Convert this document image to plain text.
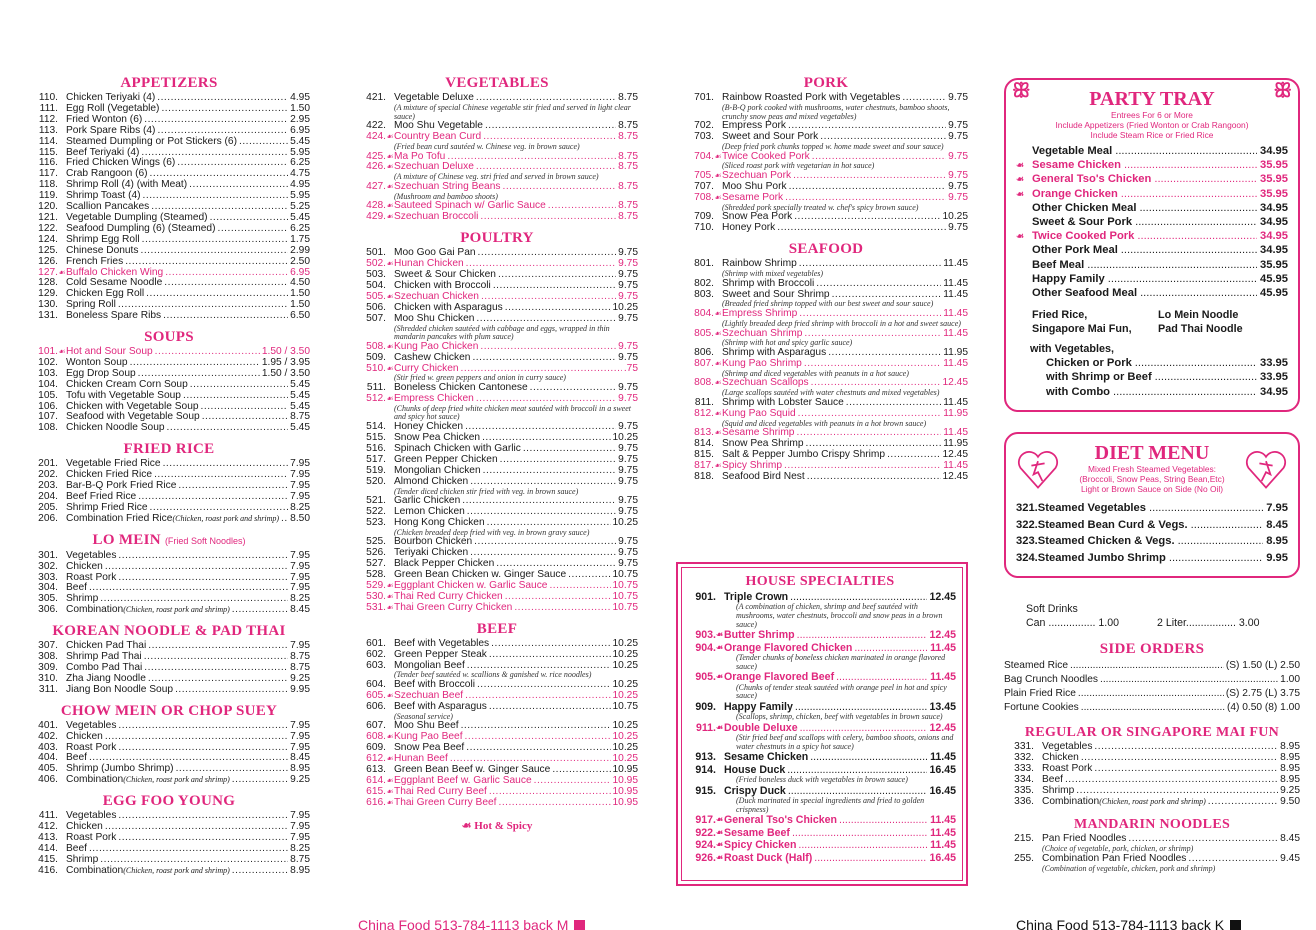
APPETIZERS
110. Chicken Teriyaki (4) .....	4.95
111. Egg Roll (Vegetable) .....	1.50
112. Fried Wonton (6) .....	2.95
113. Pork Spare Ribs (4) .....	6.95
114. Steamed Dumpling or Pot Stickers (6) .....	5.45
115. Beef Teriyaki (4) .....	5.95
116. Fried Chicken Wings (6) .....	6.25
117. Crab Rangoon (6) .....	4.75
118. Shrimp Roll (4) (with Meat) .....	4.95
119. Shrimp Toast (4) .....	5.95
120. Scallion Pancakes .....	5.25
121. Vegetable Dumpling (Steamed) .....	5.45
122. Seafood Dumpling (6) (Steamed) .....	6.25
124. Shrimp Egg Roll .....	1.75
125. Chinese Donuts .....	2.99
126. French Fries .....	2.50
127. ☙ Buffalo Chicken Wing .....	6.95
128. Cold Sesame Noodle .....	4.50
129. Chicken Egg Roll .....	1.50
130. Spring Roll .....	1.50
131. Boneless Spare Ribs .....	6.50
SOUPS
101. ☙ Hot and Sour Soup .....	1.50 / 3.50
102. Wonton Soup .....	1.95 / 3.95
103. Egg Drop Soup .....	1.50 / 3.50
104. Chicken Cream Corn Soup .....	5.45
105. Tofu with Vegetable Soup .....	5.45
106. Chicken with Vegetable Soup .....	5.45
107. Seafood with Vegetable Soup .....	8.75
108. Chicken Noodle Soup .....	5.45
FRIED RICE
201. Vegetable Fried Rice .....	7.95
202. Chicken Fried Rice .....	7.95
203. Bar-B-Q Pork Fried Rice .....	7.95
204. Beef Fried Rice .....	7.95
205. Shrimp Fried Rice .....	8.25
206. Combination Fried Rice (Chicken, roast pork and shrimp) ..... 8.50
LO MEIN (Fried Soft Noodles)
301. Vegetables .....	7.95
302. Chicken .....	7.95
303. Roast Pork .....	7.95
304. Beef .....	7.95
305. Shrimp .....	8.25
306. Combination (Chicken, roast pork and shrimp) .....	8.45
KOREAN NOODLE & PAD THAI
307. Chicken Pad Thai .....	7.95
308. Shrimp Pad Thai .....	8.75
309. Combo Pad Thai .....	8.75
310. Zha Jiang Noodle .....	9.25
311. Jiang Bon Noodle Soup .....	9.95
CHOW MEIN OR CHOP SUEY
401. Vegetables .....	7.95
402. Chicken .....	7.95
403. Roast Pork .....	7.95
404. Beef .....	8.45
405. Shrimp (Jumbo Shrimp) .....	8.95
406. Combination (Chicken, roast pork and shrimp) .....	9.25
EGG FOO YOUNG
411. Vegetables .....	7.95
412. Chicken .....	7.95
413. Roast Pork .....	7.95
414. Beef .....	8.25
415. Shrimp .....	8.75
416. Combination (Chicken, roast pork and shrimp) .....	8.95
VEGETABLES
421. Vegetable Deluxe .....	8.75
(A mixture of special Chinese vegetable stir fried and served in light clear sauce)
422. Moo Shu Vegetable .....	8.75
424. ☙ Country Bean Curd .....	8.75
(Fried bean curd sautéed w. Chinese veg. in brown sauce)
425. ☙ Ma Po Tofu .....	8.75
426. ☙ Szechuan Deluxe .....	8.75
(A mixture of Chinese veg. stri fried and served in brown sauce)
427. ☙ Szechuan String Beans .....	8.75
(Mushroom and bamboo shoots)
428. ☙ Sauteed Spinach w/ Garlic Sauce .....	8.75
429. ☙ Szechuan Broccoli .....	8.75
POULTRY
501. Moo Goo Gai Pan .....	9.75
502. ☙ Hunan Chicken .....	9.75
503. Sweet & Sour Chicken .....	9.75
504. Chicken with Broccoli .....	9.75
505. ☙ Szechuan Chicken .....	9.75
506. Chicken with Asparagus .....	10.25
507. Moo Shu Chicken .....	9.75
(Shredded chicken sautéed with cabbage and eggs, wrapped in thin mandarin pancakes with plum sauce)
508. ☙ Kung Pao Chicken .....	9.75
509. Cashew Chicken .....	9.75
510. ☙ Curry Chicken .....	.75
(Stir fried w. green peppers and onion in curry sauce)
511. Boneless Chicken Cantonese .....	9.75
512. ☙ Empress Chicken .....	9.75
(Chunks of deep fried white chicken meat sautéed with broccoli in a sweet and spicy hot sauce)
514. Honey Chicken .....	9.75
515. Snow Pea Chicken .....	10.25
516. Spinach Chicken with Garlic .....	9.75
517. Green Pepper Chicken .....	9.75
519. Mongolian Chicken .....	9.75
520. Almond Chicken .....	9.75
(Tender diced chicken stir fried with veg. in brown sauce)
521. Garlic Chicken .....	9.75
522. Lemon Chicken .....	9.75
523. Hong Kong Chicken .....	10.25
(Chicken breaded deep fried with veg. in brown gravy sauce)
525. Bourbon Chicken .....	9.75
526. Teriyaki Chicken .....	9.75
527. Black Pepper Chicken .....	9.75
528. Green Bean Chicken w. Ginger Sauce .....	10.75
529. ☙ Eggplant Chicken w. Garlic Sauce .....	10.75
530. ☙ Thai Red Curry Chicken .....	10.75
531. ☙ Thai Green Curry Chicken .....	10.75
BEEF
601. Beef with Vegetables .....	10.25
602. Green Pepper Steak .....	10.25
603. Mongolian Beef .....	10.25
(Tender beef sautéed w. scallions & ganished w. rice noodles)
604. Beef with Broccoli .....	10.25
605. ☙ Szechuan Beef .....	10.25
606. Beef with Asparagus .....	10.75
(Seasonal service)
607. Moo Shu Beef .....	10.25
608. ☙ Kung Pao Beef .....	10.25
609. Snow Pea Beef .....	10.25
612. ☙ Hunan Beef .....	10.25
613. Green Bean Beef w. Ginger Sauce .....	10.95
614. ☙ Eggplant Beef w. Garlic Sauce .....	10.95
615. ☙ Thai Red Curry Beef .....	10.95
616. ☙ Thai Green Curry Beef .....	10.95
☙ Hot & Spicy
PORK
701. Rainbow Roasted Pork with Vegetables .....	9.75
(B-B-Q pork cooked with mushrooms, water chestnuts, bamboo shoots, crunchy snow peas and mixed vegetables)
702. Empress Pork .....	9.75
703. Sweet and Sour Pork .....	9.75
(Deep fried pork chunks topped w. home made sweet and sour sauce)
704. ☙ Twice Cooked Pork .....	9.75
(Sliced roast pork with vegetarian in hot sauce)
705. ☙ Szechuan Pork .....	9.75
707. Moo Shu Pork .....	9.75
708. ☙ Sesame Pork .....	9.75
(Shredded pork specially treated w. chef's spicy brown sauce)
709. Snow Pea Pork .....	10.25
710. Honey Pork .....	9.75
SEAFOOD
801. Rainbow Shrimp .....	11.45
(Shrimp with mixed vegetables)
802. Shrimp with Broccoli .....	11.45
803. Sweet and Sour Shrimp .....	11.45
(Breaded fried shrimp topped with our best sweet and sour sauce)
804. ☙ Empress Shrimp .....	11.45
(Lightly breaded deep fried shrimp with broccoli in a hot and sweet sauce)
805. ☙ Szechuan Shrimp .....	11.45
(Shrimp with hot and spicy garlic sauce)
806. Shrimp with Asparagus .....	11.95
807. ☙ Kung Pao Shrimp .....	11.45
(Shrimp and diced vegetables with peanuts in a hot sauce)
808. ☙ Szechuan Scallops .....	12.45
(Large scallops sautéed with water chestnuts and mixed vegetables)
811. Shrimp with Lobster Sauce .....	11.45
812. ☙ Kung Pao Squid .....	11.95
(Squid and diced vegetables with peanuts in a hot brown sauce)
813. ☙ Sesame Shrimp .....	11.45
814. Snow Pea Shrimp .....	11.95
815. Salt & Pepper Jumbo Crispy Shrimp .....	12.45
817. ☙ Spicy Shrimp .....	11.45
818. Seafood Bird Nest .....	12.45
HOUSE SPECIALTIES
901. Triple Crown .....	12.45
(A combination of chicken, shrimp and beef sautéed with mushrooms, water chestnuts, broccoli and snow peas in a brown sauce)
903. ☙ Butter Shrimp .....	12.45
904. ☙ Orange Flavored Chicken .....	11.45
(Tender chunks of boneless chicken marinated in orange flavored sauce)
905. ☙ Orange Flavored Beef .....	11.45
(Chunks of tender steak sautéed with orange peel in hot and spicy sauce)
909. Happy Family .....	13.45
(Scallops, shrimp, chicken, beef with vegetables in brown sauce)
911. ☙ Double Deluxe .....	12.45
(Stir fried beef and scallops with celery, bamboo shoots, onions and water chestnuts in a spicy hot sauce)
913. Sesame Chicken .....	11.45
914. House Duck .....	16.45
(Fried boneless duck with vegetables in brown sauce)
915. Crispy Duck .....	16.45
(Duck marinated in special ingredients and fried to golden crispness)
917. ☙ General Tso's Chicken .....	11.45
922. ☙ Sesame Beef .....	11.45
924. ☙ Spicy Chicken .....	11.45
926. ☙ Roast Duck (Half) .....	16.45
ꕥ	ꕥ
PARTY TRAY
Entrees For 6 or More
Include Appetizers (Fried Wonton or Crab Rangoon)
Include Steam Rice or Fried Rice
Vegetable Meal .....	34.95
☙ Sesame Chicken .....	35.95
☙ General Tso's Chicken .....	35.95
☙ Orange Chicken .....	35.95
Other Chicken Meal .....	34.95
Sweet & Sour Pork .....	34.95
☙ Twice Cooked Pork .....	34.95
Other Pork Meal .....	34.95
Beef Meal .....	35.95
Happy Family .....	45.95
Other Seafood Meal .....	45.95
Fried Rice,	Lo Mein Noodle
Singapore Mai Fun,	Pad Thai Noodle
with Vegetables,
Chicken or Pork .....	33.95
with Shrimp or Beef .....	33.95
with Combo .....	34.95
DIET MENU
Mixed Fresh Steamed Vegetables:
(Broccoli, Snow Peas, String Bean,Etc)
Light or Brown Sauce on Side (No Oil)
321. Steamed Vegetables .....	7.95
322. Steamed Bean Curd & Vegs. .....	8.45
323. Steamed Chicken & Vegs. .....	8.95
324. Steamed Jumbo Shrimp .....	9.95
Soft Drinks
Can ................ 1.00	2 Liter................. 3.00
SIDE ORDERS
Steamed Rice .....	(S) 1.50 (L) 2.50
Bag Crunch Noodles .....	1.00
Plain Fried Rice .....	(S) 2.75 (L) 3.75
Fortune Cookies .....	(4) 0.50 (8) 1.00
REGULAR OR SINGAPORE MAI FUN
331. Vegetables .....	8.95
332. Chicken .....	8.95
333. Roast Pork .....	8.95
334. Beef .....	8.95
335. Shrimp .....	9.25
336. Combination (Chicken, roast pork and shrimp) .....	9.50
MANDARIN NOODLES
215. Pan Fried Noodles .....	8.45
(Choice of vegetable, pork, chicken, or shrimp)
255. Combination Pan Fried Noodles .....	9.45
(Combination of vegetable, chicken, pork and shrimp)
China Food 513-784-1113 back M	China Food 513-784-1113 back K
